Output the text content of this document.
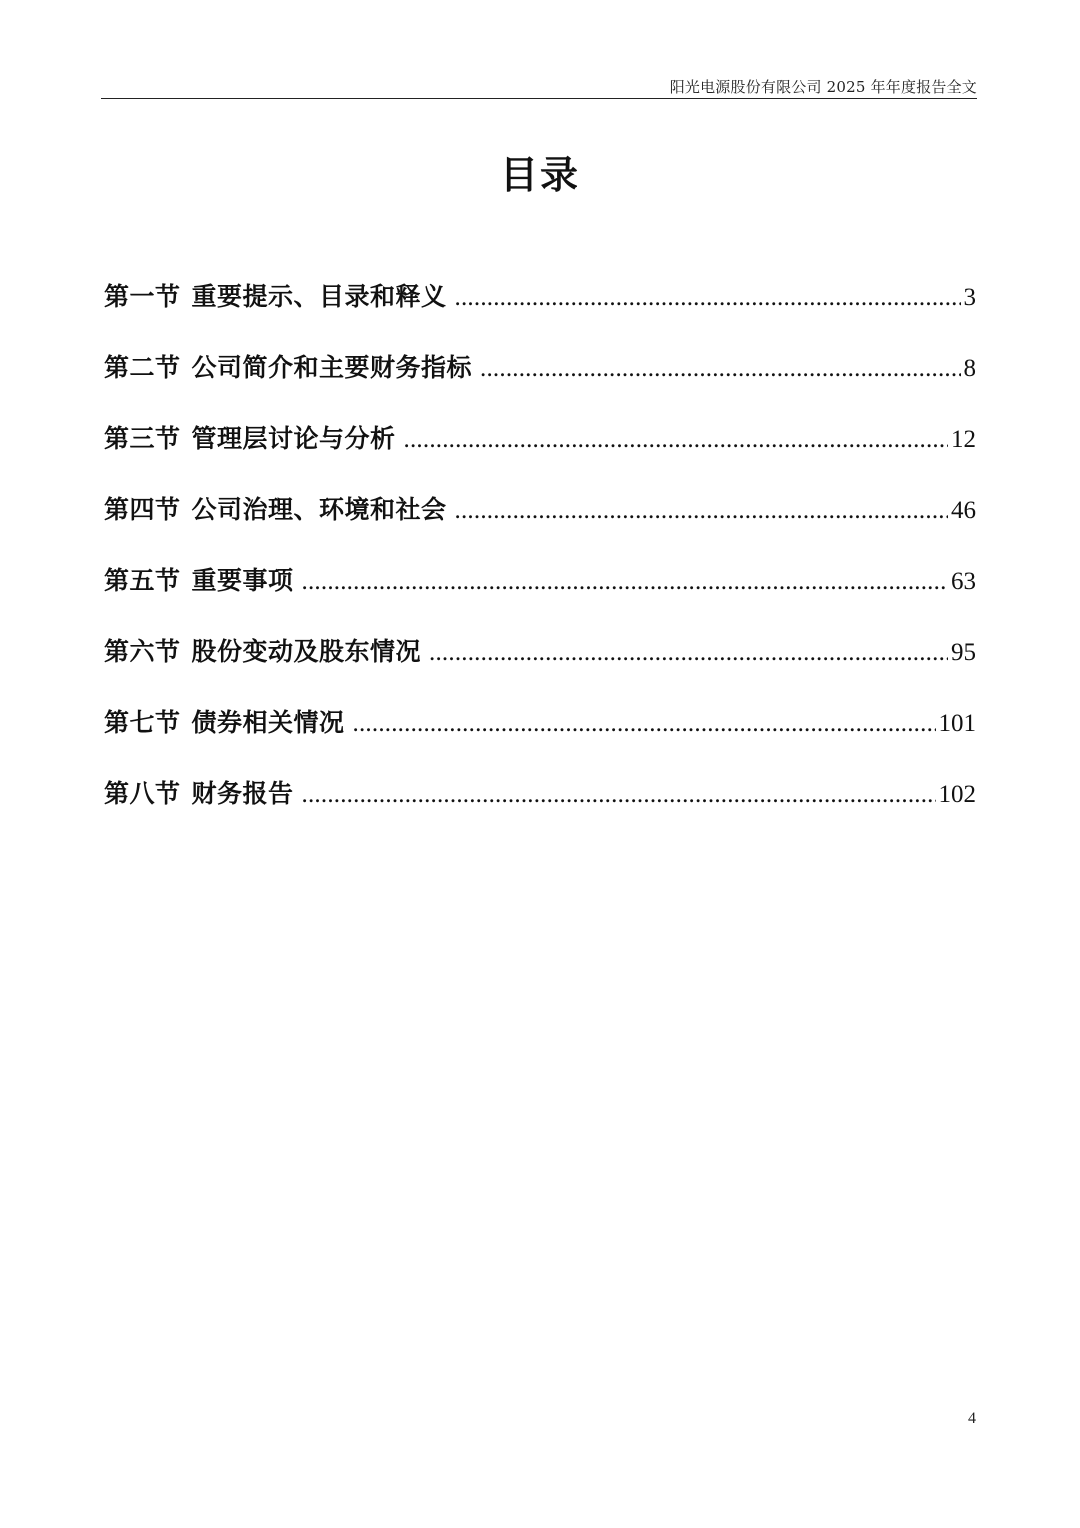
阳光电源股份有限公司 2025 年年度报告全文
目录
第一节 重要提示、目录和释义 .....	3
第二节 公司简介和主要财务指标 .....	8
第三节 管理层讨论与分析 .....	12
第四节 公司治理、环境和社会 .....	46
第五节 重要事项 .....	63
第六节 股份变动及股东情况 .....	95
第七节 债券相关情况 .....	101
第八节 财务报告 .....	102
4
